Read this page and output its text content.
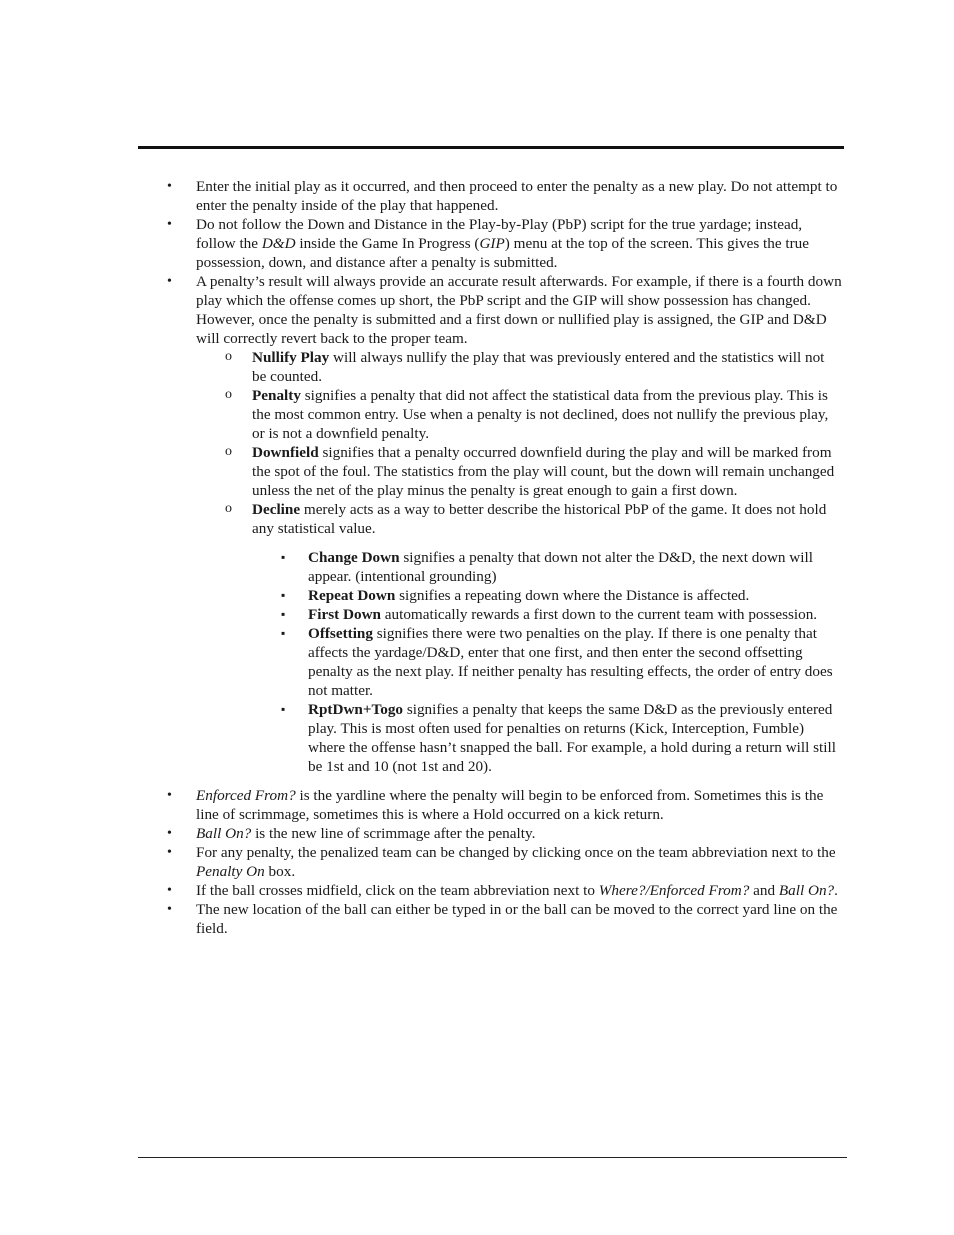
• Enter the initial play as it occurred, and then proceed to enter the penalty as a new play. Do not attempt to enter the penalty inside of the play that happened.

• Do not follow the Down and Distance in the Play-by-Play (PbP) script for the true yardage; instead, follow the D&D inside the Game In Progress (GIP) menu at the top of the screen. This gives the true possession, down, and distance after a penalty is submitted.

• A penalty’s result will always provide an accurate result afterwards. For example, if there is a fourth down play which the offense comes up short, the PbP script and the GIP will show possession has changed. However, once the penalty is submitted and a first down or nullified play is assigned, the GIP and D&D will correctly revert back to the proper team.

o Nullify Play will always nullify the play that was previously entered and the statistics will not be counted.

o Penalty signifies a penalty that did not affect the statistical data from the previous play. This is the most common entry. Use when a penalty is not declined, does not nullify the previous play, or is not a downfield penalty.

o Downfield signifies that a penalty occurred downfield during the play and will be marked from the spot of the foul. The statistics from the play will count, but the down will remain unchanged unless the net of the play minus the penalty is great enough to gain a first down.

o Decline merely acts as a way to better describe the historical PbP of the game. It does not hold any statistical value.

▪ Change Down signifies a penalty that down not alter the D&D, the next down will appear. (intentional grounding)

▪ Repeat Down signifies a repeating down where the Distance is affected.

▪ First Down automatically rewards a first down to the current team with possession.

▪ Offsetting signifies there were two penalties on the play. If there is one penalty that affects the yardage/D&D, enter that one first, and then enter the second offsetting penalty as the next play. If neither penalty has resulting effects, the order of entry does not matter.

▪ RptDwn+Togo signifies a penalty that keeps the same D&D as the previously entered play. This is most often used for penalties on returns (Kick, Interception, Fumble) where the offense hasn’t snapped the ball. For example, a hold during a return will still be 1st and 10 (not 1st and 20).

• Enforced From? is the yardline where the penalty will begin to be enforced from. Sometimes this is the line of scrimmage, sometimes this is where a Hold occurred on a kick return.

• Ball On? is the new line of scrimmage after the penalty.

• For any penalty, the penalized team can be changed by clicking once on the team abbreviation next to the Penalty On box.

• If the ball crosses midfield, click on the team abbreviation next to Where?/Enforced From? and Ball On?.

• The new location of the ball can either be typed in or the ball can be moved to the correct yard line on the field.
